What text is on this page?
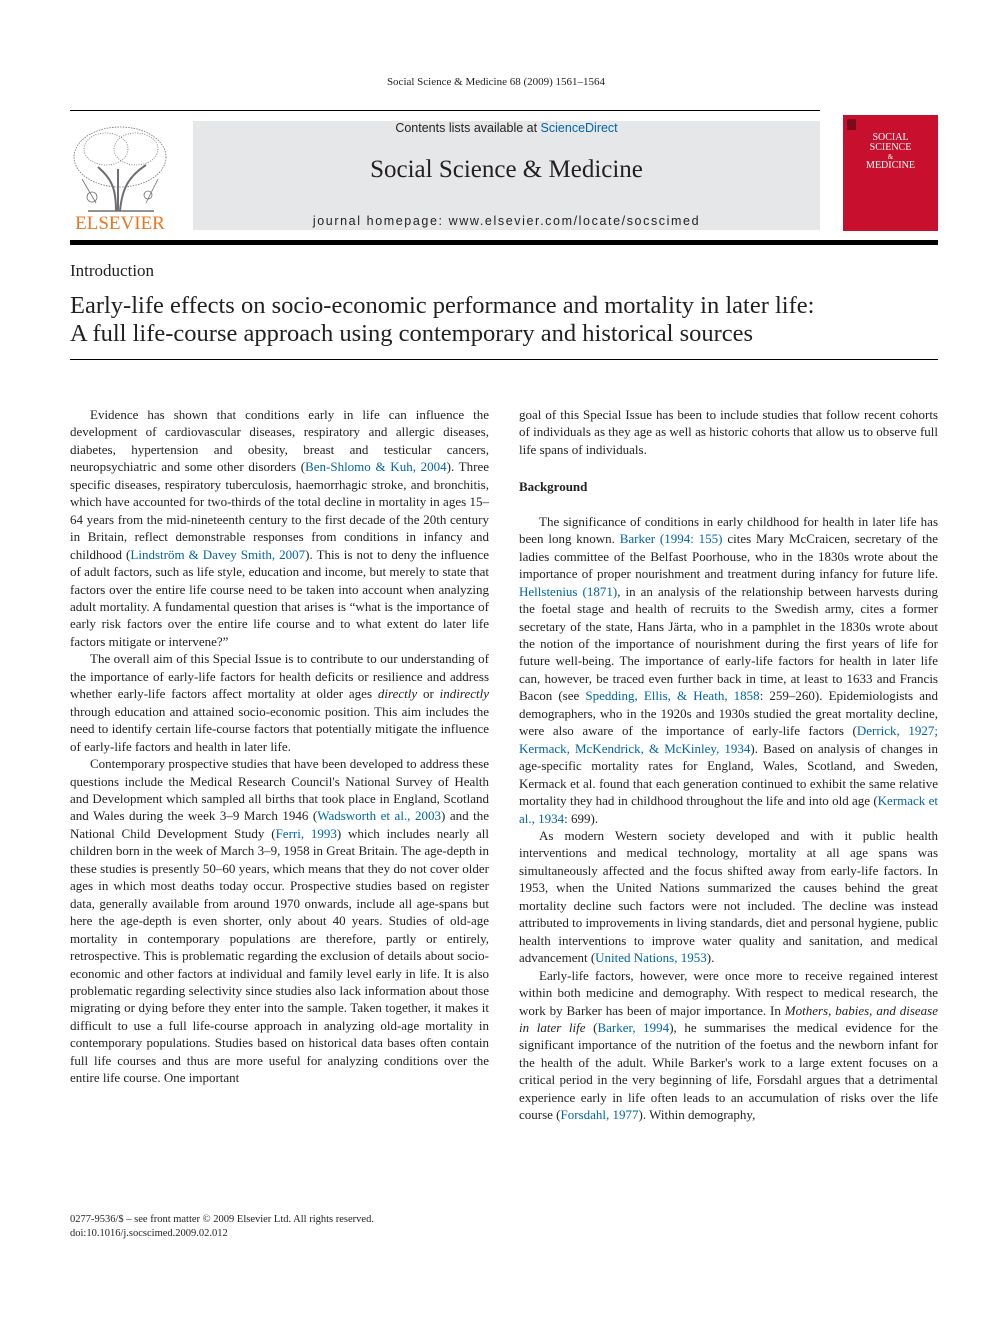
Social Science & Medicine 68 (2009) 1561–1564
ELSEVIER
Contents lists available at ScienceDirect
Social Science & Medicine
journal homepage: www.elsevier.com/locate/socscimed
SOCIAL
SCIENCE
&
MEDICINE
Introduction
Early-life effects on socio-economic performance and mortality in later life:
A full life-course approach using contemporary and historical sources

Evidence has shown that conditions early in life can influence the development of cardiovascular diseases, respiratory and allergic diseases, diabetes, hypertension and obesity, breast and testicular cancers, neuropsychiatric and some other disorders (Ben-Shlomo & Kuh, 2004). Three specific diseases, respiratory tuberculosis, haemorrhagic stroke, and bronchitis, which have accounted for two-thirds of the total decline in mortality in ages 15–64 years from the mid-nineteenth century to the first decade of the 20th century in Britain, reflect demonstrable responses from conditions in infancy and childhood (Lindström & Davey Smith, 2007). This is not to deny the influence of adult factors, such as life style, education and income, but merely to state that factors over the entire life course need to be taken into account when analyzing adult mortality. A fundamental question that arises is “what is the importance of early risk factors over the entire life course and to what extent do later life factors mitigate or intervene?”

The overall aim of this Special Issue is to contribute to our understanding of the importance of early-life factors for health deficits or resilience and address whether early-life factors affect mortality at older ages directly or indirectly through education and attained socio-economic position. This aim includes the need to identify certain life-course factors that potentially mitigate the influence of early-life factors and health in later life.

Contemporary prospective studies that have been developed to address these questions include the Medical Research Council's National Survey of Health and Development which sampled all births that took place in England, Scotland and Wales during the week 3–9 March 1946 (Wadsworth et al., 2003) and the National Child Development Study (Ferri, 1993) which includes nearly all children born in the week of March 3–9, 1958 in Great Britain. The age-depth in these studies is presently 50–60 years, which means that they do not cover older ages in which most deaths today occur. Prospective studies based on register data, generally available from around 1970 onwards, include all age-spans but here the age-depth is even shorter, only about 40 years. Studies of old-age mortality in contemporary populations are therefore, partly or entirely, retrospective. This is problematic regarding the exclusion of details about socio-economic and other factors at individual and family level early in life. It is also problematic regarding selectivity since studies also lack information about those migrating or dying before they enter into the sample. Taken together, it makes it difficult to use a full life-course approach in analyzing old-age mortality in contemporary populations. Studies based on historical data bases often contain full life courses and thus are more useful for analyzing conditions over the entire life course. One important

goal of this Special Issue has been to include studies that follow recent cohorts of individuals as they age as well as historic cohorts that allow us to observe full life spans of individuals.

Background

The significance of conditions in early childhood for health in later life has been long known. Barker (1994: 155) cites Mary McCraicen, secretary of the ladies committee of the Belfast Poorhouse, who in the 1830s wrote about the importance of proper nourishment and treatment during infancy for future life. Hellstenius (1871), in an analysis of the relationship between harvests during the foetal stage and health of recruits to the Swedish army, cites a former secretary of the state, Hans Järta, who in a pamphlet in the 1830s wrote about the notion of the importance of nourishment during the first years of life for future well-being. The importance of early-life factors for health in later life can, however, be traced even further back in time, at least to 1633 and Francis Bacon (see Spedding, Ellis, & Heath, 1858: 259–260). Epidemiologists and demographers, who in the 1920s and 1930s studied the great mortality decline, were also aware of the importance of early-life factors (Derrick, 1927; Kermack, McKendrick, & McKinley, 1934). Based on analysis of changes in age-specific mortality rates for England, Wales, Scotland, and Sweden, Kermack et al. found that each generation continued to exhibit the same relative mortality they had in childhood throughout the life and into old age (Kermack et al., 1934: 699).

As modern Western society developed and with it public health interventions and medical technology, mortality at all age spans was simultaneously affected and the focus shifted away from early-life factors. In 1953, when the United Nations summarized the causes behind the great mortality decline such factors were not included. The decline was instead attributed to improvements in living standards, diet and personal hygiene, public health interventions to improve water quality and sanitation, and medical advancement (United Nations, 1953).

Early-life factors, however, were once more to receive regained interest within both medicine and demography. With respect to medical research, the work by Barker has been of major importance. In Mothers, babies, and disease in later life (Barker, 1994), he summarises the medical evidence for the significant importance of the nutrition of the foetus and the newborn infant for the health of the adult. While Barker's work to a large extent focuses on a critical period in the very beginning of life, Forsdahl argues that a detrimental experience early in life often leads to an accumulation of risks over the life course (Forsdahl, 1977). Within demography,

0277-9536/$ – see front matter © 2009 Elsevier Ltd. All rights reserved.
doi:10.1016/j.socscimed.2009.02.012
